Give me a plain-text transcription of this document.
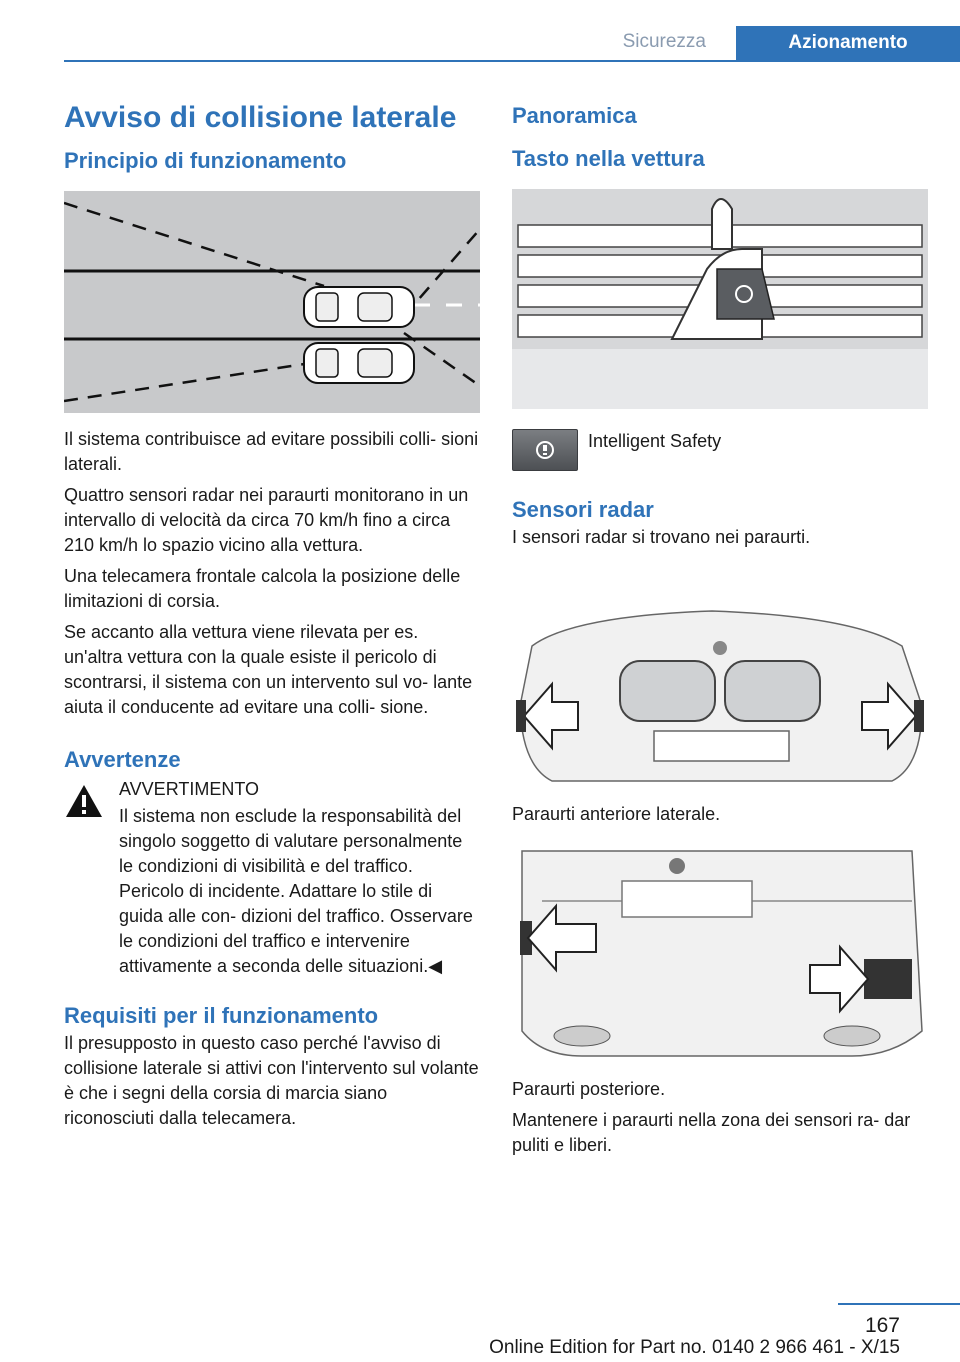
Sicurezza	Azionamento
Avviso di collisione laterale
Principio di funzionamento

Il sistema contribuisce ad evitare possibili colli‐ sioni laterali.

Quattro sensori radar nei paraurti monitorano in un intervallo di velocità da circa 70 km/h fino a circa 210 km/h lo spazio vicino alla vettura.

Una telecamera frontale calcola la posizione delle limitazioni di corsia.

Se accanto alla vettura viene rilevata per es. un'altra vettura con la quale esiste il pericolo di scontrarsi, il sistema con un intervento sul vo‐ lante aiuta il conducente ad evitare una colli‐ sione.

Avvertenze

AVVERTIMENTO

Il sistema non esclude la responsabilità del singolo soggetto di valutare personalmente le condizioni di visibilità e del traffico. Pericolo di incidente. Adattare lo stile di guida alle con‐ dizioni del traffico. Osservare le condizioni del traffico e intervenire attivamente a seconda delle situazioni.◀

Requisiti per il funzionamento

Il presupposto in questo caso perché l'avviso di collisione laterale si attivi con l'intervento sul volante è che i segni della corsia di marcia siano riconosciuti dalla telecamera.

Panoramica
Tasto nella vettura
Intelligent Safety
Sensori radar

I sensori radar si trovano nei paraurti.

Paraurti anteriore laterale.

Paraurti posteriore.

Mantenere i paraurti nella zona dei sensori ra‐ dar puliti e liberi.

167
Online Edition for Part no. 0140 2 966 461 - X/15
